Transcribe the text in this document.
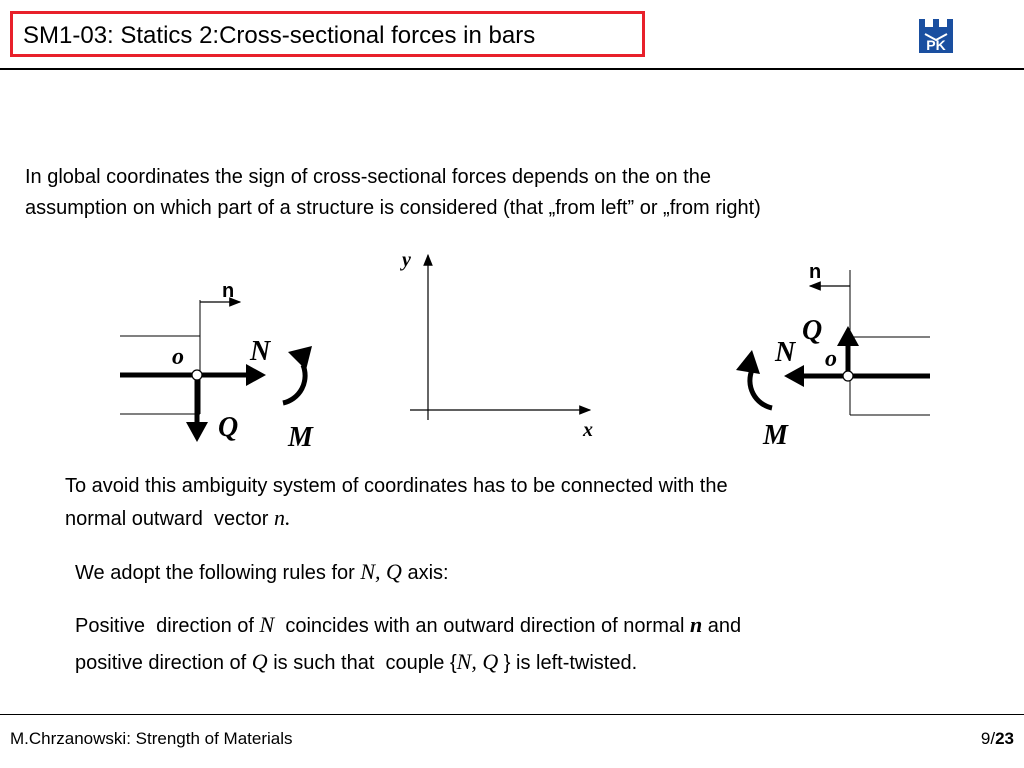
SM1-03: Statics 2:Cross-sectional forces in bars	PK
In global coordinates the sign of cross-sectional forces depends on the on the
assumption on which part of a structure is considered (that „from left” or „from right)
n
o N
Q M
y
x
n
o
N
Q
M
To avoid this ambiguity system of coordinates has to be connected with the
normal outward  vector n.
We adopt the following rules for N, Q axis:
Positive  direction of N  coincides with an outward direction of normal n and
positive direction of Q is such that  couple {N, Q } is left-twisted.
M.Chrzanowski: Strength of Materials	9/23
